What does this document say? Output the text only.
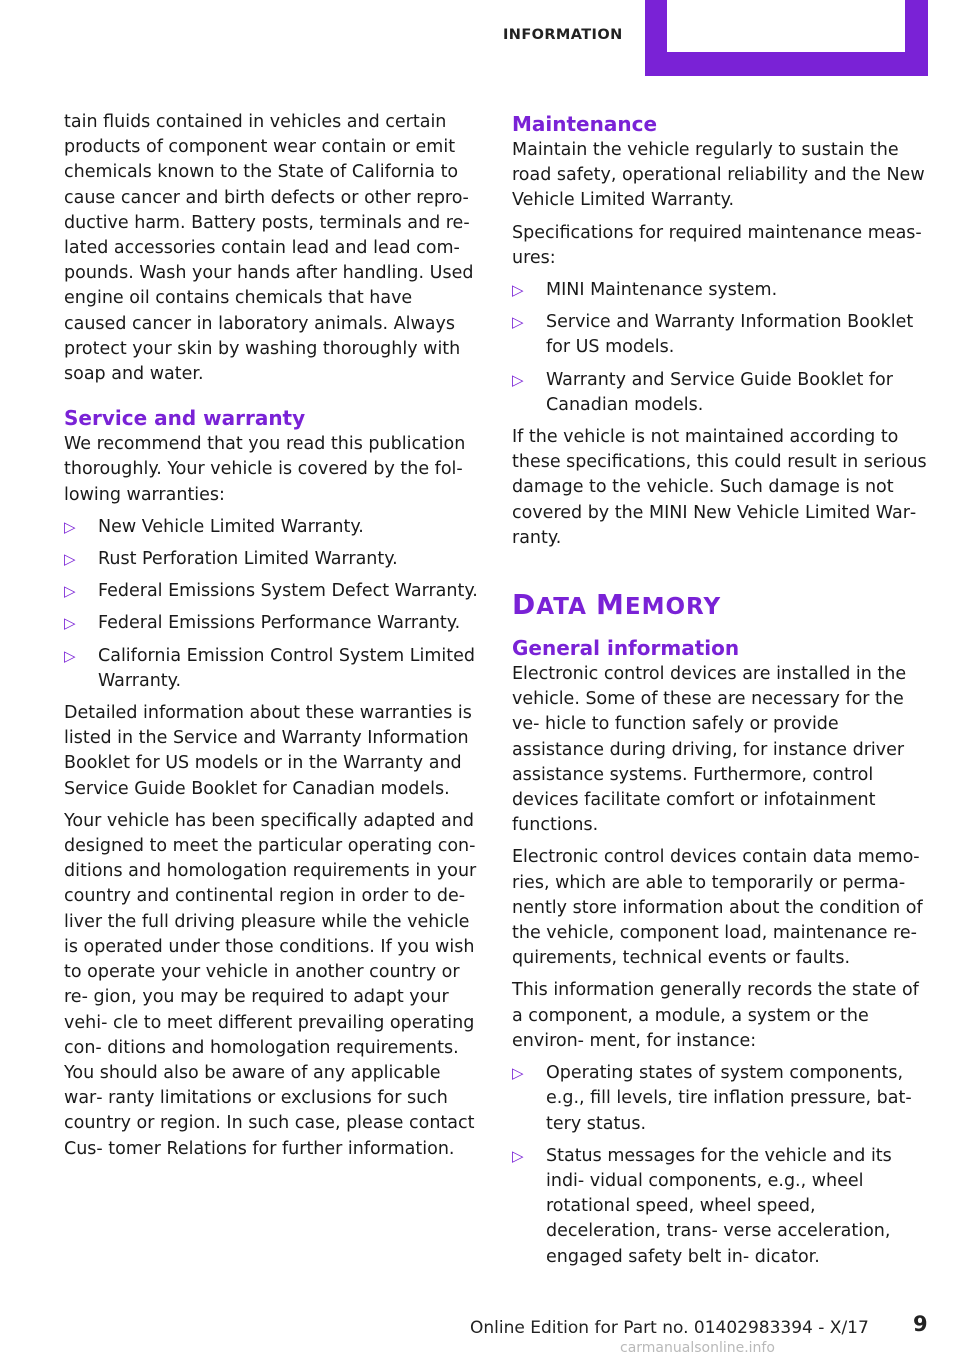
INFORMATION

tain fluids contained in vehicles and certain products of component wear contain or emit chemicals known to the State of California to cause cancer and birth defects or other repro‐ ductive harm. Battery posts, terminals and re‐ lated accessories contain lead and lead com‐ pounds. Wash your hands after handling. Used engine oil contains chemicals that have caused cancer in laboratory animals. Always protect your skin by washing thoroughly with soap and water.

Service and warranty

We recommend that you read this publication thoroughly. Your vehicle is covered by the fol‐ lowing warranties:

▷ New Vehicle Limited Warranty.
▷ Rust Perforation Limited Warranty.
▷ Federal Emissions System Defect Warranty.
▷ Federal Emissions Performance Warranty.
▷ California Emission Control System Limited Warranty.

Detailed information about these warranties is listed in the Service and Warranty Information Booklet for US models or in the Warranty and Service Guide Booklet for Canadian models.

Your vehicle has been specifically adapted and designed to meet the particular operating con‐ ditions and homologation requirements in your country and continental region in order to de‐ liver the full driving pleasure while the vehicle is operated under those conditions. If you wish to operate your vehicle in another country or re‐ gion, you may be required to adapt your vehi‐ cle to meet different prevailing operating con‐ ditions and homologation requirements. You should also be aware of any applicable war‐ ranty limitations or exclusions for such country or region. In such case, please contact Cus‐ tomer Relations for further information.

Maintenance

Maintain the vehicle regularly to sustain the road safety, operational reliability and the New Vehicle Limited Warranty.

Specifications for required maintenance meas‐ ures:

▷ MINI Maintenance system.
▷ Service and Warranty Information Booklet for US models.
▷ Warranty and Service Guide Booklet for Canadian models.

If the vehicle is not maintained according to these specifications, this could result in serious damage to the vehicle. Such damage is not covered by the MINI New Vehicle Limited War‐ ranty.

DATA MEMORY
General information

Electronic control devices are installed in the vehicle. Some of these are necessary for the ve‐ hicle to function safely or provide assistance during driving, for instance driver assistance systems. Furthermore, control devices facilitate comfort or infotainment functions.

Electronic control devices contain data memo‐ ries, which are able to temporarily or perma‐ nently store information about the condition of the vehicle, component load, maintenance re‐ quirements, technical events or faults.

This information generally records the state of a component, a module, a system or the environ‐ ment, for instance:

▷ Operating states of system components, e.g., fill levels, tire inflation pressure, bat‐ tery status.
▷ Status messages for the vehicle and its indi‐ vidual components, e.g., wheel rotational speed, wheel speed, deceleration, trans‐ verse acceleration, engaged safety belt in‐ dicator.
Online Edition for Part no. 01402983394 - X/17 9
carmanualsonline.info
